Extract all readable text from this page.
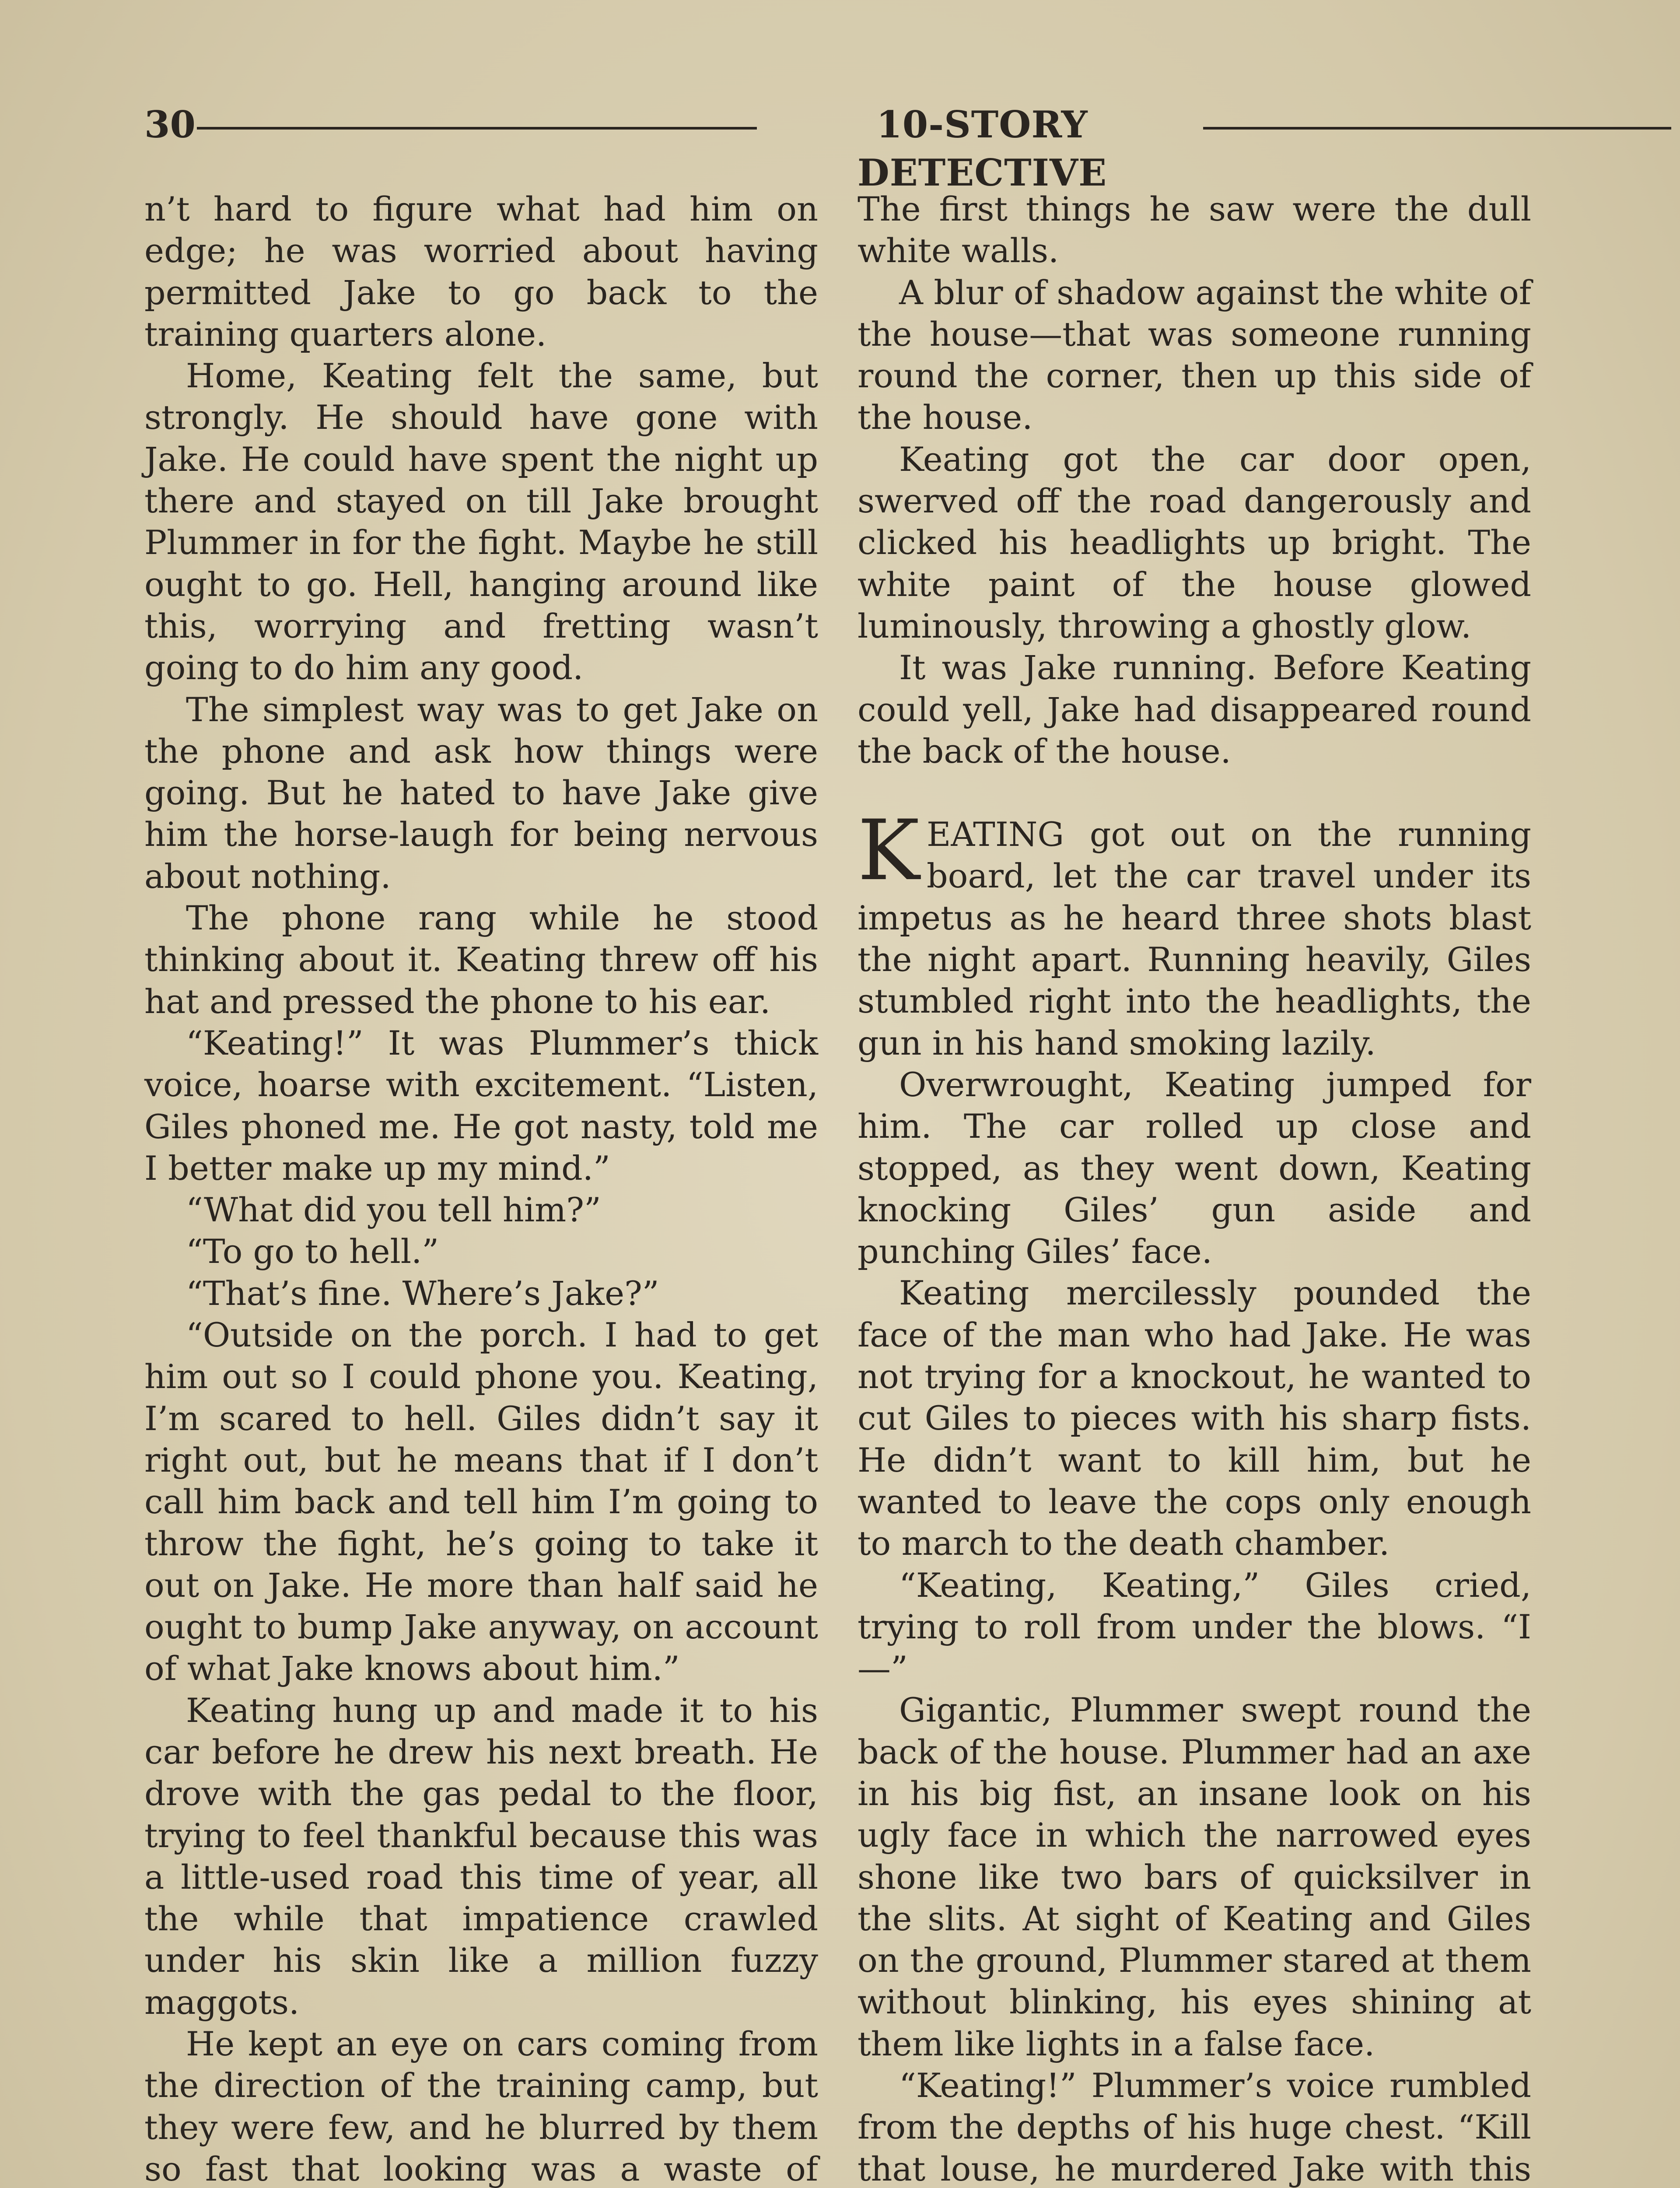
30	10-STORY DETECTIVE

n’t hard to figure what had him on edge; he was worried about having permitted Jake to go back to the training quarters alone.

Home, Keating felt the same, but strongly. He should have gone with Jake. He could have spent the night up there and stayed on till Jake brought Plummer in for the fight. Maybe he still ought to go. Hell, hanging around like this, worrying and fretting wasn’t going to do him any good.

The simplest way was to get Jake on the phone and ask how things were going. But he hated to have Jake give him the horse-laugh for being nervous about nothing.

The phone rang while he stood thinking about it. Keating threw off his hat and pressed the phone to his ear.

“Keating!” It was Plummer’s thick voice, hoarse with excitement. “Listen, Giles phoned me. He got nasty, told me I better make up my mind.”

“What did you tell him?”

“To go to hell.”

“That’s fine. Where’s Jake?”

“Outside on the porch. I had to get him out so I could phone you. Keating, I’m scared to hell. Giles didn’t say it right out, but he means that if I don’t call him back and tell him I’m going to throw the fight, he’s going to take it out on Jake. He more than half said he ought to bump Jake anyway, on account of what Jake knows about him.”

Keating hung up and made it to his car before he drew his next breath. He drove with the gas pedal to the floor, trying to feel thankful because this was a little-used road this time of year, all the while that impatience crawled under his skin like a million fuzzy maggots.

He kept an eye on cars coming from the direction of the training camp, but they were few, and he blurred by them so fast that looking was a waste of

The first things he saw were the dull white walls.

A blur of shadow against the white of the house—that was someone running round the corner, then up this side of the house.

Keating got the car door open, swerved off the road dangerously and clicked his headlights up bright. The white paint of the house glowed luminously, throwing a ghostly glow.

It was Jake running. Before Keating could yell, Jake had disappeared round the back of the house.

KEATING got out on the running board, let the car travel under its impetus as he heard three shots blast the night apart. Running heavily, Giles stumbled right into the headlights, the gun in his hand smoking lazily.

Overwrought, Keating jumped for him. The car rolled up close and stopped, as they went down, Keating knocking Giles’ gun aside and punching Giles’ face.

Keating mercilessly pounded the face of the man who had Jake. He was not trying for a knockout, he wanted to cut Giles to pieces with his sharp fists. He didn’t want to kill him, but he wanted to leave the cops only enough to march to the death chamber.

“Keating, Keating,” Giles cried, trying to roll from under the blows. “I—”

Gigantic, Plummer swept round the back of the house. Plummer had an axe in his big fist, an insane look on his ugly face in which the narrowed eyes shone like two bars of quicksilver in the slits. At sight of Keating and Giles on the ground, Plummer stared at them without blinking, his eyes shining at them like lights in a false face.

“Keating!” Plummer’s voice rumbled from the depths of his huge chest. “Kill that louse, he murdered Jake with this
